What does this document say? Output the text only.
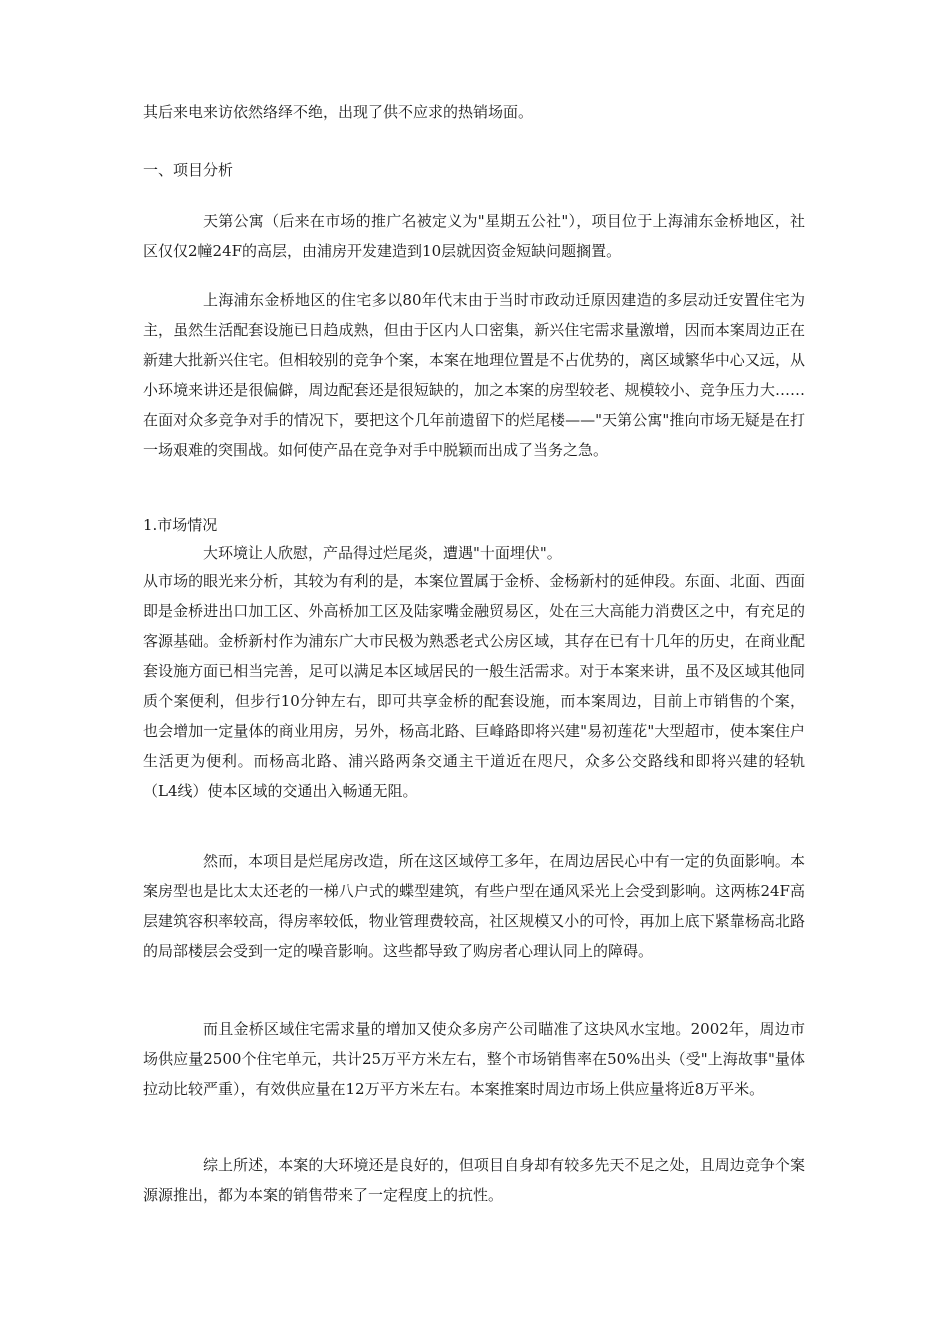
其后来电来访依然络绎不绝，出现了供不应求的热销场面。

一、项目分析

天第公寓（后来在市场的推广名被定义为"星期五公社"），项目位于上海浦东金桥地区，社区仅仅2幢24F的高层，由浦房开发建造到10层就因资金短缺问题搁置。

上海浦东金桥地区的住宅多以80年代末由于当时市政动迁原因建造的多层动迁安置住宅为主，虽然生活配套设施已日趋成熟，但由于区内人口密集，新兴住宅需求量激增，因而本案周边正在新建大批新兴住宅。但相较别的竞争个案，本案在地理位置是不占优势的，离区域繁华中心又远，从小环境来讲还是很偏僻，周边配套还是很短缺的，加之本案的房型较老、规模较小、竞争压力大……在面对众多竞争对手的情况下，要把这个几年前遗留下的烂尾楼——"天第公寓"推向市场无疑是在打一场艰难的突围战。如何使产品在竞争对手中脱颖而出成了当务之急。

1.市场情况

大环境让人欣慰，产品得过烂尾炎，遭遇"十面埋伏"。

从市场的眼光来分析，其较为有利的是，本案位置属于金桥、金杨新村的延伸段。东面、北面、西面即是金桥进出口加工区、外高桥加工区及陆家嘴金融贸易区，处在三大高能力消费区之中，有充足的客源基础。金桥新村作为浦东广大市民极为熟悉老式公房区域，其存在已有十几年的历史，在商业配套设施方面已相当完善，足可以满足本区域居民的一般生活需求。对于本案来讲，虽不及区域其他同质个案便利，但步行10分钟左右，即可共享金桥的配套设施，而本案周边，目前上市销售的个案，也会增加一定量体的商业用房，另外，杨高北路、巨峰路即将兴建"易初莲花"大型超市，使本案住户生活更为便利。而杨高北路、浦兴路两条交通主干道近在咫尺，众多公交路线和即将兴建的轻轨（L4线）使本区域的交通出入畅通无阻。

然而，本项目是烂尾房改造，所在这区域停工多年，在周边居民心中有一定的负面影响。本案房型也是比太太还老的一梯八户式的蝶型建筑，有些户型在通风采光上会受到影响。这两栋24F高层建筑容积率较高，得房率较低，物业管理费较高，社区规模又小的可怜，再加上底下紧靠杨高北路的局部楼层会受到一定的噪音影响。这些都导致了购房者心理认同上的障碍。

而且金桥区域住宅需求量的增加又使众多房产公司瞄准了这块风水宝地。2002年，周边市场供应量2500个住宅单元，共计25万平方米左右，整个市场销售率在50%出头（受"上海故事"量体拉动比较严重），有效供应量在12万平方米左右。本案推案时周边市场上供应量将近8万平米。

综上所述，本案的大环境还是良好的，但项目自身却有较多先天不足之处，且周边竞争个案源源推出，都为本案的销售带来了一定程度上的抗性。
